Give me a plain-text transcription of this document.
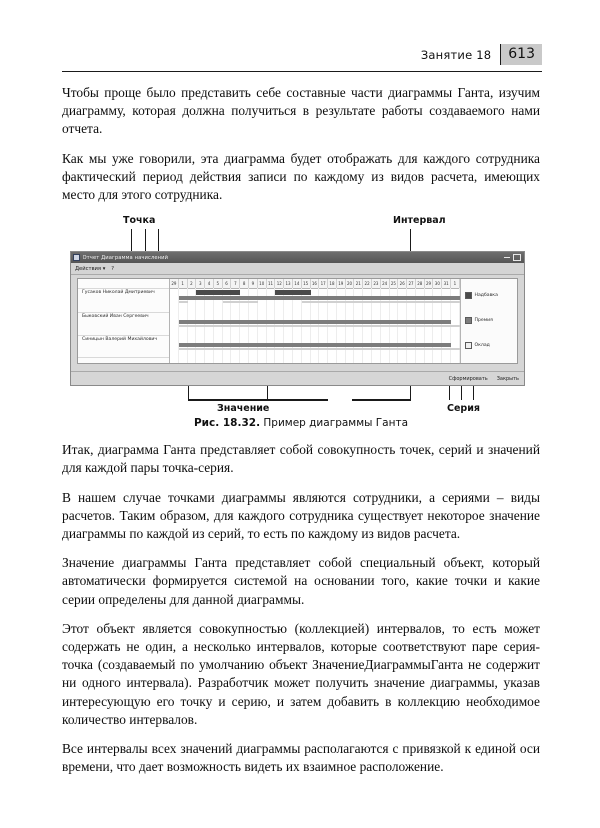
Занятие 18	613

Чтобы проще было представить себе составные части диаграммы Ганта, изучим диаграмму, которая должна получиться в результате работы создаваемого нами отчета.

Как мы уже говорили, эта диаграмма будет отображать для каждого сотрудника фактический период действия записи по каждому из видов расчета, имеющих место для этого сотрудника.

Точка	Интервал
Значение	Серия
Отчет Диаграмма начислений
Действия ▾ ?
Гусаков Николай Дмитриевич
Быковский Иван Сергеевич
Синицын Валерий Михайлович
29	1	2	3	4	5	6	7	8	9	10 11 12 13 14 15 16 17 18 19 20 21 22 23 24 25 26 27 28 29 30 31	1
Надбавка
Премия
Оклад
Сформировать Закрыть
Рис. 18.32. Пример диаграммы Ганта

Итак, диаграмма Ганта представляет собой совокупность точек, серий и значений для каждой пары точка-серия.

В нашем случае точками диаграммы являются сотрудники, а сериями – виды расчетов. Таким образом, для каждого сотрудника существует некоторое значение диаграммы по каждой из серий, то есть по каждому из видов расчета.

Значение диаграммы Ганта представляет собой специальный объект, который автоматически формируется системой на основании того, какие точки и какие серии определены для данной диаграммы.

Этот объект является совокупностью (коллекцией) интервалов, то есть может содержать не один, а несколько интервалов, которые соответствуют паре серия-точка (создаваемый по умолчанию объект ЗначениеДиаграммыГанта не содержит ни одного интервала). Разработчик может получить значение диаграммы, указав интересующую его точку и серию, и затем добавить в коллекцию необходимое количество интервалов.

Все интервалы всех значений диаграммы располагаются с привязкой к единой оси времени, что дает возможность видеть их взаимное расположение.
